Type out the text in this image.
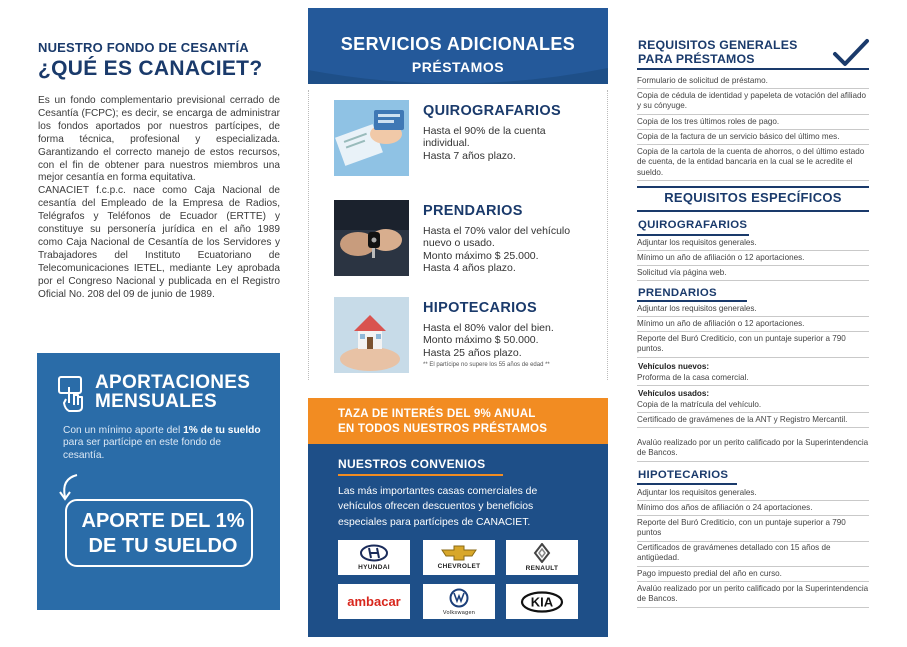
NUESTRO FONDO DE CESANTÍA
¿QUÉ ES CANACIET?

Es un fondo complementario previsional cerrado de Cesantía (FCPC); es decir, se encarga de administrar los fondos aportados por nuestros partícipes, de forma técnica, profesional y especializada. Garantizando el correcto manejo de estos recursos, con el fin de obtener para nuestros miembros una mejor cesantía en forma equitativa.

CANACIET f.c.p.c. nace como Caja Nacional de cesantía del Empleado de la Empresa de Radios, Telégrafos y Teléfonos de Ecuador (ERTTE) y constituye su personería jurídica en el año 1989 como Caja Nacional de Cesantía de los Servidores y Trabajadores del Instituto Ecuatoriano de Telecomunicaciones IETEL, mediante Ley aprobada por el Congreso Nacional y publicada en el Registro Oficial No. 208 del 09 de junio de 1989.

APORTACIONES
MENSUALES
Con un mínimo aporte del 1% de tu sueldo para ser partícipe en este fondo de cesantía.
APORTE DEL 1%
DE TU SUELDO
SERVICIOS ADICIONALES
PRÉSTAMOS
QUIROGRAFARIOS
Hasta el 90% de la cuenta
individual.
Hasta 7 años plazo.
PRENDARIOS
Hasta el 70% valor del vehículo
nuevo o usado.
Monto máximo $ 25.000.
Hasta 4 años plazo.
HIPOTECARIOS
Hasta el 80% valor del bien.
Monto máximo $ 50.000.
Hasta 25 años plazo.
** El partícipe no supere los 55 años de edad **
TAZA DE INTERÉS DEL 9% ANUAL
EN TODOS NUESTROS PRÉSTAMOS
NUESTROS CONVENIOS
Las más importantes casas comerciales de vehículos ofrecen descuentos y beneficios especiales para partícipes de CANACIET.
HYUNDAI	CHEVROLET	RENAULT
ambacar
Volkswagen
KIA
REQUISITOS GENERALES
PARA PRÉSTAMOS
Formulario de solicitud de préstamo.
Copia de cédula de identidad y papeleta de votación del afiliado y su cónyuge.
Copia de los tres últimos roles de pago.
Copia de la factura de un servicio básico del último mes.
Copia de la cartola de la cuenta de ahorros, o del último estado de cuenta, de la entidad bancaria en la cual se le acredite el sueldo.
REQUISITOS ESPECÍFICOS
QUIROGRAFARIOS
Adjuntar los requisitos generales.
Mínimo un año de afiliación o 12 aportaciones.
Solicitud vía página web.
PRENDARIOS
Adjuntar los requisitos generales.
Mínimo un año de afiliación o 12 aportaciones.
Reporte del Buró Crediticio, con un puntaje superior a 790 puntos.
Vehículos nuevos:
Proforma de la casa comercial.
Vehículos usados:
Copia de la matrícula del vehículo.
Certificado de gravámenes de la ANT y Registro Mercantil.
Avalúo realizado por un perito calificado por la Superintendencia de Bancos.
HIPOTECARIOS
Adjuntar los requisitos generales.
Mínimo dos años de afiliación o 24 aportaciones.
Reporte del Buró Crediticio, con un puntaje superior a 790 puntos
Certificados de gravámenes detallado con 15 años de antigüedad.
Pago impuesto predial del año en curso.
Avalúo realizado por un perito calificado por la Superintendencia de Bancos.
